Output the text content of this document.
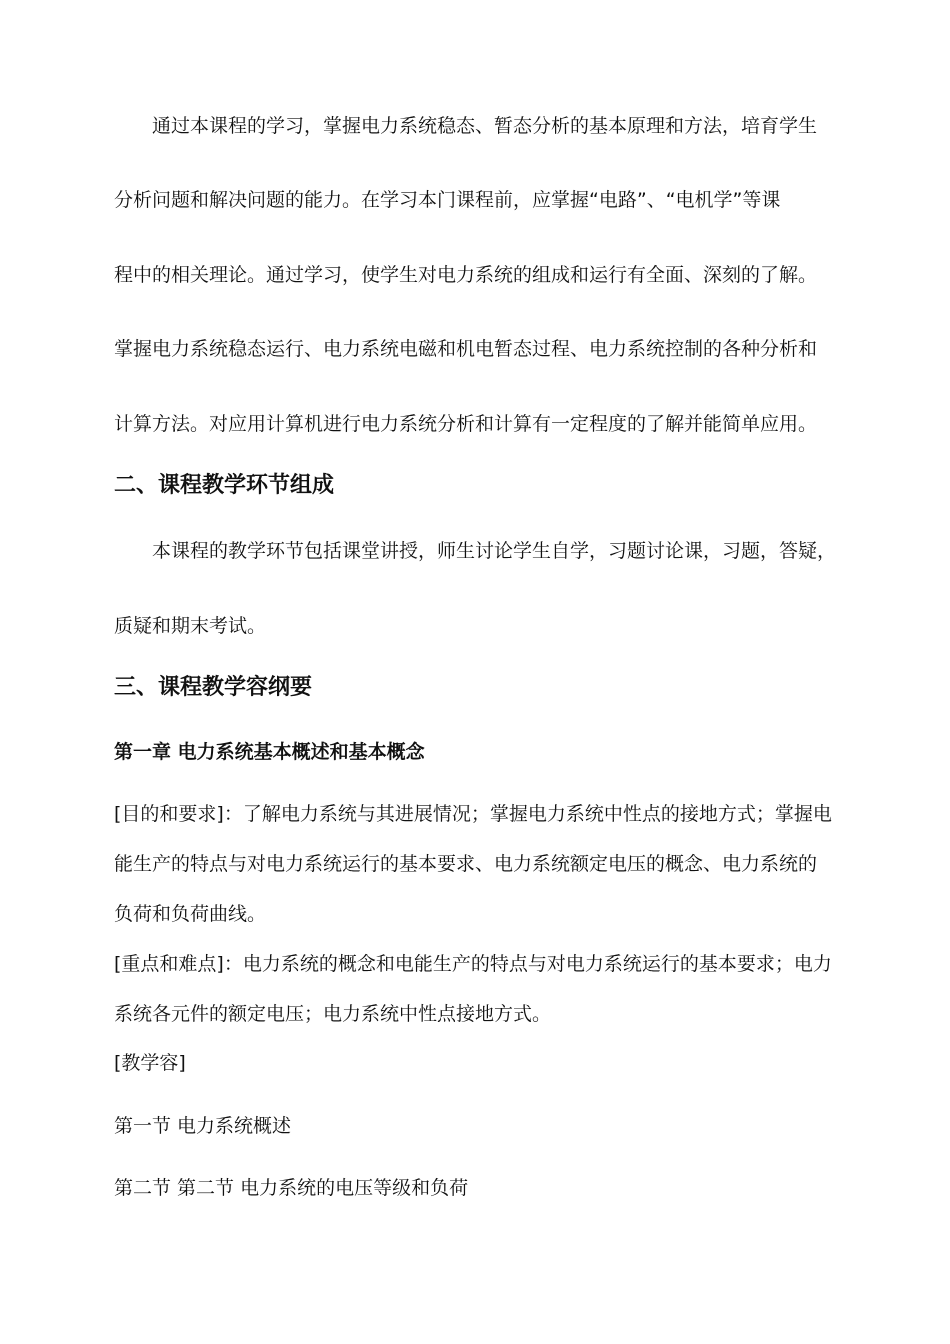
通过本课程的学习，掌握电力系统稳态、暂态分析的基本原理和方法，培育学生

分析问题和解决问题的能力。在学习本门课程前，应掌握“电路”、“电机学”等课

程中的相关理论。通过学习，使学生对电力系统的组成和运行有全面、深刻的了解。

掌握电力系统稳态运行、电力系统电磁和机电暂态过程、电力系统控制的各种分析和

计算方法。对应用计算机进行电力系统分析和计算有一定程度的了解并能简单应用。

二、课程教学环节组成

本课程的教学环节包括课堂讲授，师生讨论学生自学，习题讨论课，习题，答疑，

质疑和期末考试。

三、课程教学容纲要
第一章 电力系统基本概述和基本概念

[目的和要求]：了解电力系统与其进展情况；掌握电力系统中性点的接地方式；掌握电

能生产的特点与对电力系统运行的基本要求、电力系统额定电压的概念、电力系统的

负荷和负荷曲线。

[重点和难点]：电力系统的概念和电能生产的特点与对电力系统运行的基本要求；电力

系统各元件的额定电压；电力系统中性点接地方式。

[教学容]

第一节 电力系统概述

第二节 第二节 电力系统的电压等级和负荷
